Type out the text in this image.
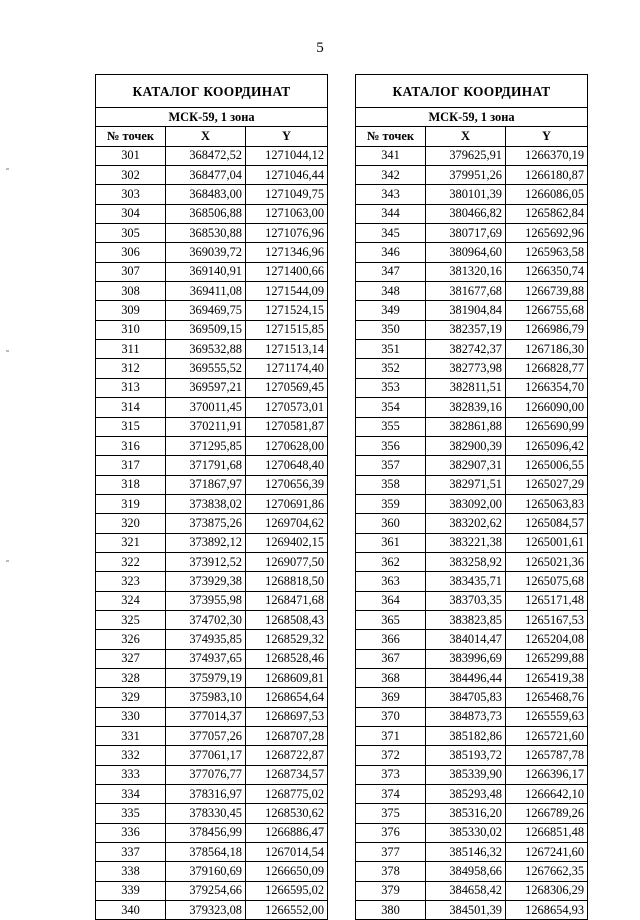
5
КАТАЛОГ КООРДИНАТ		
МСК-59, 1 зона		
№ точек	X	Y
301	368472,52	1271044,12
302	368477,04	1271046,44
303	368483,00	1271049,75
304	368506,88	1271063,00
305	368530,88	1271076,96
306	369039,72	1271346,96
307	369140,91	1271400,66
308	369411,08	1271544,09
309	369469,75	1271524,15
310	369509,15	1271515,85
311	369532,88	1271513,14
312	369555,52	1271174,40
313	369597,21	1270569,45
314	370011,45	1270573,01
315	370211,91	1270581,87
316	371295,85	1270628,00
317	371791,68	1270648,40
318	371867,97	1270656,39
319	373838,02	1270691,86
320	373875,26	1269704,62
321	373892,12	1269402,15
322	373912,52	1269077,50
323	373929,38	1268818,50
324	373955,98	1268471,68
325	374702,30	1268508,43
326	374935,85	1268529,32
327	374937,65	1268528,46
328	375979,19	1268609,81
329	375983,10	1268654,64
330	377014,37	1268697,53
331	377057,26	1268707,28
332	377061,17	1268722,87
333	377076,77	1268734,57
334	378316,97	1268775,02
335	378330,45	1268530,62
336	378456,99	1266886,47
337	378564,18	1267014,54
338	379160,69	1266650,09
339	379254,66	1266595,02
340	379323,08	1266552,00
КАТАЛОГ КООРДИНАТ		
МСК-59, 1 зона		
№ точек	X	Y
341	379625,91	1266370,19
342	379951,26	1266180,87
343	380101,39	1266086,05
344	380466,82	1265862,84
345	380717,69	1265692,96
346	380964,60	1265963,58
347	381320,16	1266350,74
348	381677,68	1266739,88
349	381904,84	1266755,68
350	382357,19	1266986,79
351	382742,37	1267186,30
352	382773,98	1266828,77
353	382811,51	1266354,70
354	382839,16	1266090,00
355	382861,88	1265690,99
356	382900,39	1265096,42
357	382907,31	1265006,55
358	382971,51	1265027,29
359	383092,00	1265063,83
360	383202,62	1265084,57
361	383221,38	1265001,61
362	383258,92	1265021,36
363	383435,71	1265075,68
364	383703,35	1265171,48
365	383823,85	1265167,53
366	384014,47	1265204,08
367	383996,69	1265299,88
368	384496,44	1265419,38
369	384705,83	1265468,76
370	384873,73	1265559,63
371	385182,86	1265721,60
372	385193,72	1265787,78
373	385339,90	1266396,17
374	385293,48	1266642,10
375	385316,20	1266789,26
376	385330,02	1266851,48
377	385146,32	1267241,60
378	384958,66	1267662,35
379	384658,42	1268306,29
380	384501,39	1268654,93
